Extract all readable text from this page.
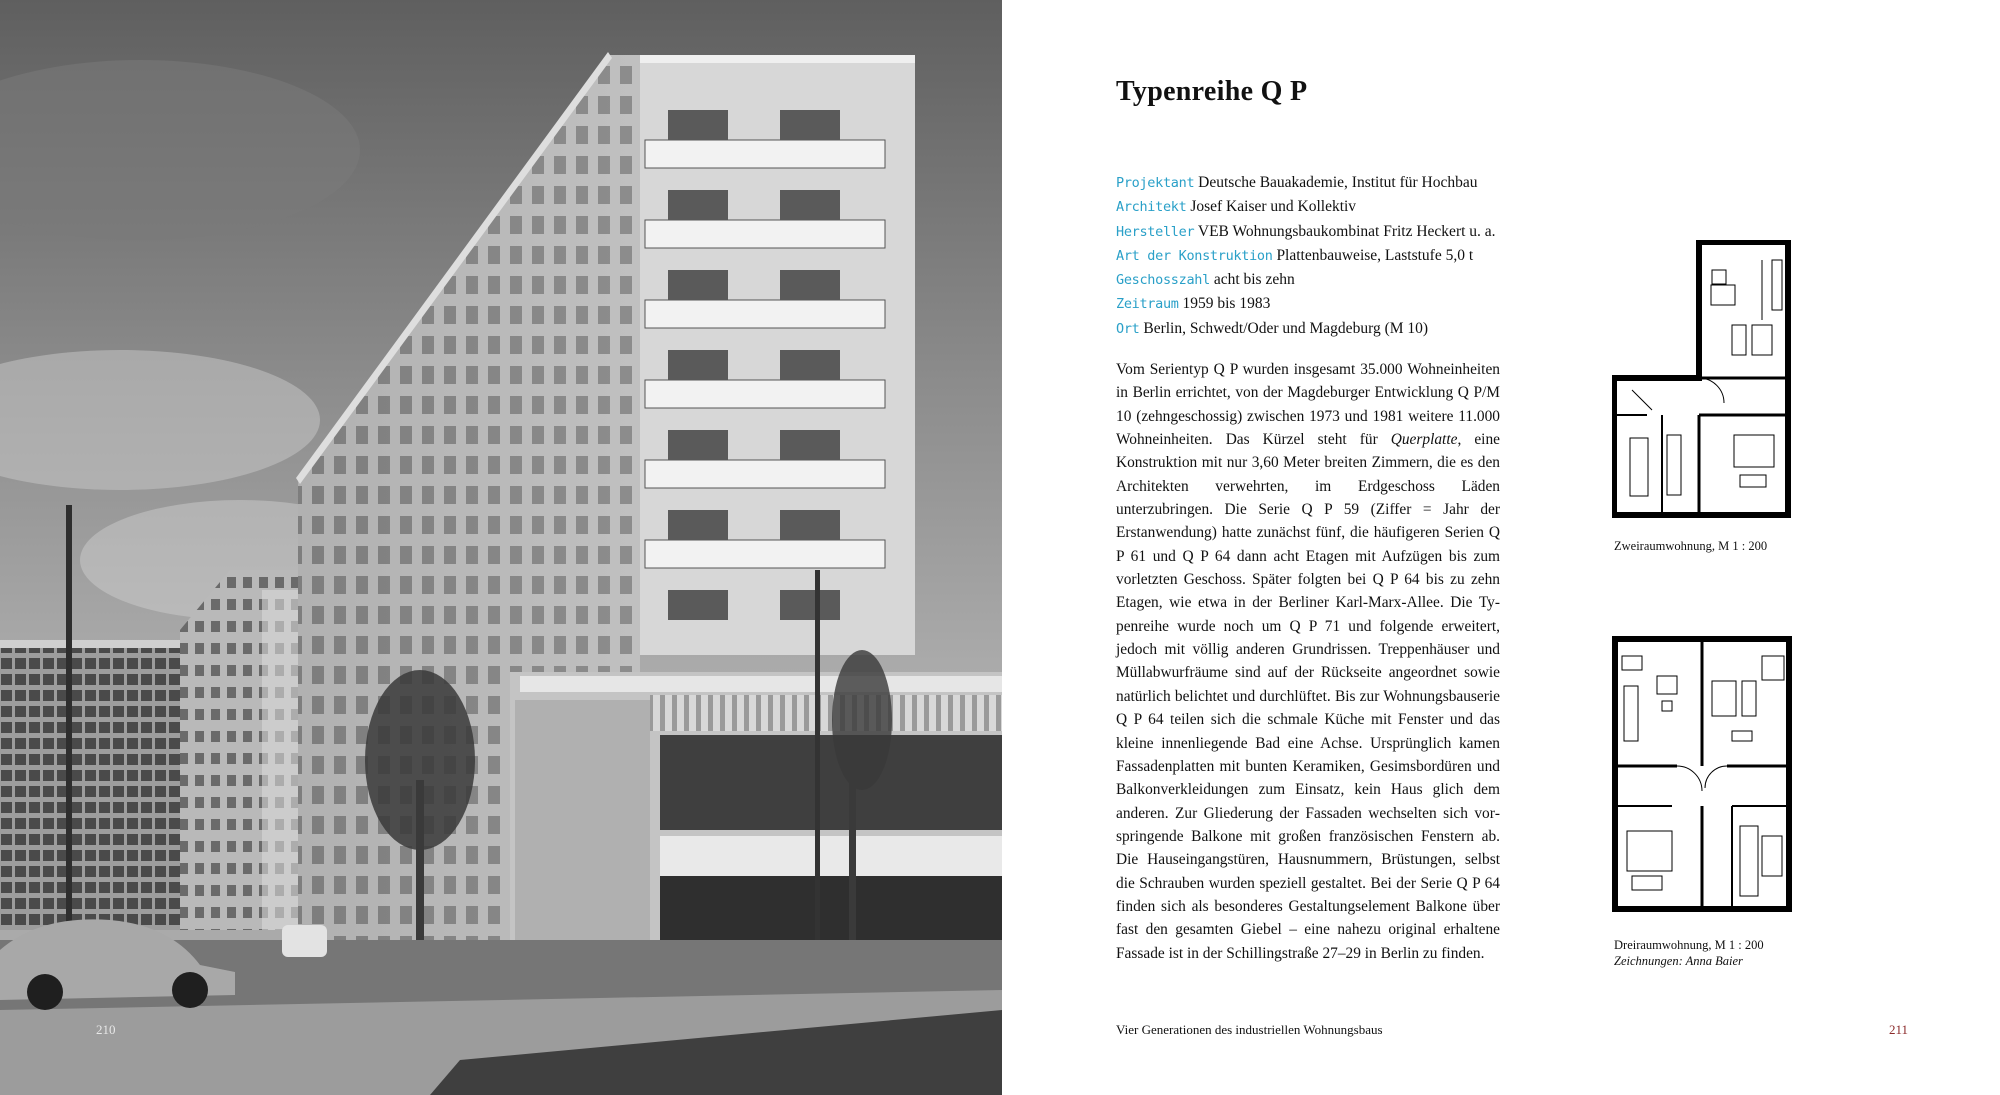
210
Typenreihe Q P
Projektant Deutsche Bauakademie, Institut für Hochbau
Architekt Josef Kaiser und Kollektiv
Hersteller VEB Wohnungsbaukombinat Fritz Heckert u. a.
Art der Konstruktion Plattenbauweise, Laststufe 5,0 t
Geschosszahl acht bis zehn
Zeitraum 1959 bis 1983
Ort Berlin, Schwedt/Oder und Magdeburg (M 10)

Vom Serientyp Q P wurden insgesamt 35.000 Wohneinheiten in Berlin errichtet, von der Magdeburger Entwicklung Q P/M 10 (zehngeschossig) zwischen 1973 und 1981 weitere 11.000 Wohneinheiten. Das Kürzel steht für Querplatte, eine Konstruktion mit nur 3,60 Meter breiten Zimmern, die es den Architekten verwehrten, im Erdgeschoss Läden unterzubringen. Die Serie Q P 59 (Ziffer = Jahr der Erstanwendung) hatte zunächst fünf, die häufigeren Serien Q P 61 und Q P 64 dann acht Etagen mit Aufzügen bis zum vorletzten Geschoss. Später folgten bei Q P 64 bis zu zehn Etagen, wie etwa in der Berliner Karl-Marx-Allee. Die Typenreihe wurde noch um Q P 71 und folgende erweitert, jedoch mit völlig anderen Grundrissen. Treppenhäuser und Müllabwurfräume sind auf der Rückseite angeordnet sowie natürlich belichtet und durchlüftet. Bis zur Wohnungsbauserie Q P 64 teilen sich die schmale Küche mit Fenster und das kleine innenliegende Bad eine Achse. Ursprünglich kamen Fassadenplatten mit bunten Keramiken, Gesimsbordüren und Balkonverkleidungen zum Einsatz, kein Haus glich dem anderen. Zur Gliederung der Fassaden wechselten sich vorspringende Balkone mit großen französischen Fenstern ab. Die Hauseingangstüren, Hausnummern, Brüstungen, selbst die Schrauben wurden speziell gestaltet. Bei der Serie Q P 64 finden sich als besonderes Gestaltungselement Balkone über fast den gesamten Giebel – eine nahezu original erhaltene Fassade ist in der Schillingstraße 27–29 in Berlin zu finden.

Zweiraumwohnung, M 1 : 200
Dreiraumwohnung, M 1 : 200
Zeichnungen: Anna Baier
Vier Generationen des industriellen Wohnungsbaus	211
